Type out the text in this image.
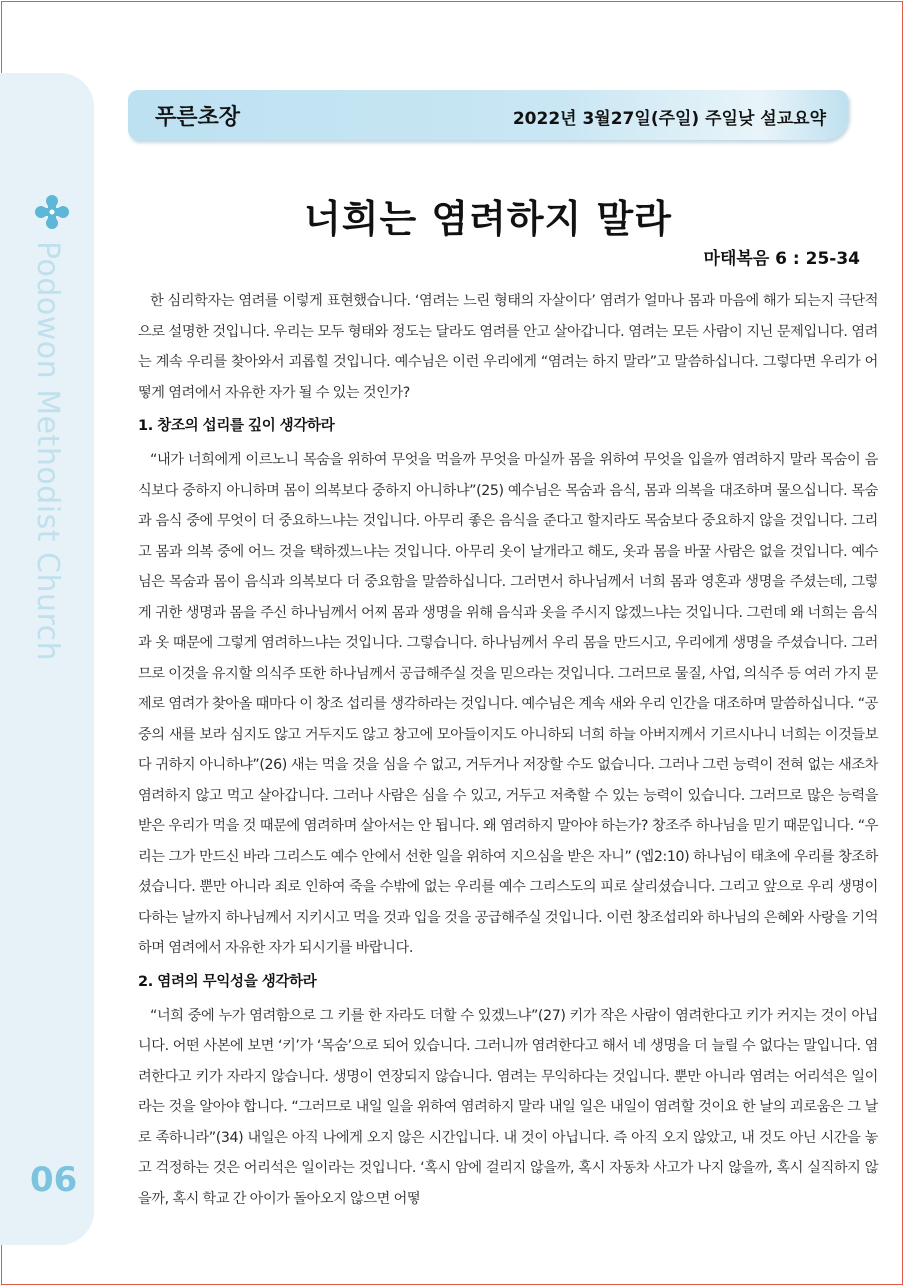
Podowon Methodist Church
06
푸른초장	2022년 3월27일(주일) 주일낮 설교요약
너희는 염려하지 말라
마태복음 6 : 25-34

한 심리학자는 염려를 이렇게 표현했습니다. ‘염려는 느린 형태의 자살이다’ 염려가 얼마나 몸과 마음에 해가 되는지 극단적으로 설명한 것입니다. 우리는 모두 형태와 정도는 달라도 염려를 안고 살아갑니다. 염려는 모든 사람이 지닌 문제입니다. 염려는 계속 우리를 찾아와서 괴롭힐 것입니다. 예수님은 이런 우리에게 “염려는 하지 말라”고 말씀하십니다. 그렇다면 우리가 어떻게 염려에서 자유한 자가 될 수 있는 것인가?

1. 창조의 섭리를 깊이 생각하라

“내가 너희에게 이르노니 목숨을 위하여 무엇을 먹을까 무엇을 마실까 몸을 위하여 무엇을 입을까 염려하지 말라 목숨이 음식보다 중하지 아니하며 몸이 의복보다 중하지 아니하냐”(25) 예수님은 목숨과 음식, 몸과 의복을 대조하며 물으십니다. 목숨과 음식 중에 무엇이 더 중요하느냐는 것입니다. 아무리 좋은 음식을 준다고 할지라도 목숨보다 중요하지 않을 것입니다. 그리고 몸과 의복 중에 어느 것을 택하겠느냐는 것입니다. 아무리 옷이 날개라고 해도, 옷과 몸을 바꿀 사람은 없을 것입니다. 예수님은 목숨과 몸이 음식과 의복보다 더 중요함을 말씀하십니다. 그러면서 하나님께서 너희 몸과 영혼과 생명을 주셨는데, 그렇게 귀한 생명과 몸을 주신 하나님께서 어찌 몸과 생명을 위해 음식과 옷을 주시지 않겠느냐는 것입니다. 그런데 왜 너희는 음식과 옷 때문에 그렇게 염려하느냐는 것입니다. 그렇습니다. 하나님께서 우리 몸을 만드시고, 우리에게 생명을 주셨습니다. 그러므로 이것을 유지할 의식주 또한 하나님께서 공급해주실 것을 믿으라는 것입니다. 그러므로 물질, 사업, 의식주 등 여러 가지 문제로 염려가 찾아올 때마다 이 창조 섭리를 생각하라는 것입니다. 예수님은 계속 새와 우리 인간을 대조하며 말씀하십니다. “공중의 새를 보라 심지도 않고 거두지도 않고 창고에 모아들이지도 아니하되 너희 하늘 아버지께서 기르시나니 너희는 이것들보다 귀하지 아니하냐”(26) 새는 먹을 것을 심을 수 없고, 거두거나 저장할 수도 없습니다. 그러나 그런 능력이 전혀 없는 새조차 염려하지 않고 먹고 살아갑니다. 그러나 사람은 심을 수 있고, 거두고 저축할 수 있는 능력이 있습니다. 그러므로 많은 능력을 받은 우리가 먹을 것 때문에 염려하며 살아서는 안 됩니다. 왜 염려하지 말아야 하는가? 창조주 하나님을 믿기 때문입니다. “우리는 그가 만드신 바라 그리스도 예수 안에서 선한 일을 위하여 지으심을 받은 자니” (엡2:10) 하나님이 태초에 우리를 창조하셨습니다. 뿐만 아니라 죄로 인하여 죽을 수밖에 없는 우리를 예수 그리스도의 피로 살리셨습니다. 그리고 앞으로 우리 생명이 다하는 날까지 하나님께서 지키시고 먹을 것과 입을 것을 공급해주실 것입니다. 이런 창조섭리와 하나님의 은혜와 사랑을 기억하며 염려에서 자유한 자가 되시기를 바랍니다.

2. 염려의 무익성을 생각하라

“너희 중에 누가 염려함으로 그 키를 한 자라도 더할 수 있겠느냐”(27) 키가 작은 사람이 염려한다고 키가 커지는 것이 아닙니다. 어떤 사본에 보면 ‘키’가 ‘목숨’으로 되어 있습니다. 그러니까 염려한다고 해서 네 생명을 더 늘릴 수 없다는 말입니다. 염려한다고 키가 자라지 않습니다. 생명이 연장되지 않습니다. 염려는 무익하다는 것입니다. 뿐만 아니라 염려는 어리석은 일이라는 것을 알아야 합니다. “그러므로 내일 일을 위하여 염려하지 말라 내일 일은 내일이 염려할 것이요 한 날의 괴로움은 그 날로 족하니라”(34) 내일은 아직 나에게 오지 않은 시간입니다. 내 것이 아닙니다. 즉 아직 오지 않았고, 내 것도 아닌 시간을 놓고 걱정하는 것은 어리석은 일이라는 것입니다. ‘혹시 암에 걸리지 않을까, 혹시 자동차 사고가 나지 않을까, 혹시 실직하지 않을까, 혹시 학교 간 아이가 돌아오지 않으면 어떻
